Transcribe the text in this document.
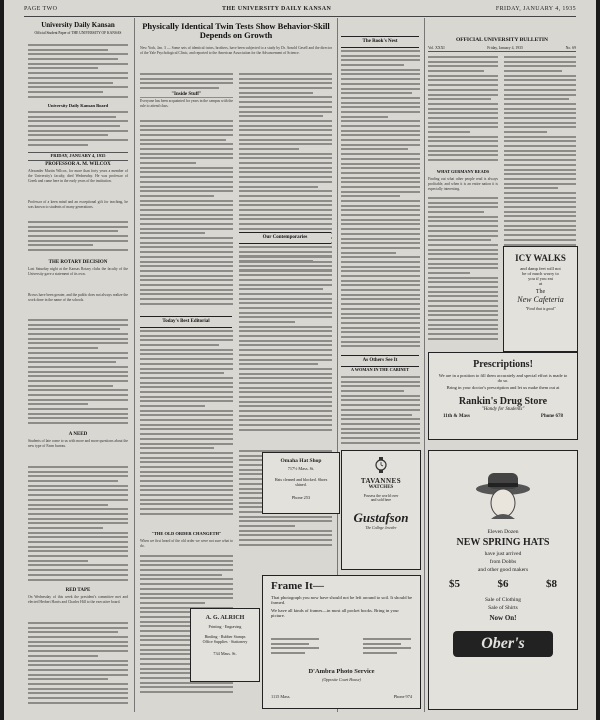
PAGE TWO	THE UNIVERSITY DAILY KANSAN	FRIDAY, JANUARY 4, 1935
University Daily Kansan
Official Student Paper of THE UNIVERSITY OF KANSAS
University Daily Kansan Board
FRIDAY, JANUARY 4, 1935
PROFESSOR A. M. WILCOX
Alexander Martin Wilcox, for more than forty years a member of the University's faculty, died Wednesday. He was professor of Greek and came here in the early years of the institution.
Professor of a keen mind and an exceptional gift for teaching, he was known to students of many generations.
THE ROTARY DECISION
Last Saturday night at the Kansas Rotary clubs the faculty of the University gave a statement of its own.
Brows have been greater, and the public does not always realize the work done in the name of the schools.
A NEED
Students of late come to us with more and more questions about the new type of Farm bureau.
RED TAPE
On Wednesday of this week the president's committee met and elected Herbert Harris and Charles Hill to the executive board.
Physically Identical Twin Tests Show Behavior-Skill Depends on Growth
New York, Jan. 3 — Some sets of identical twins, brothers, have been subjected to a study by Dr. Arnold Gesell and the director of the Yale Psychological Clinic, and reported to the American Association for the Advancement of Science.
"Inside Stuff"
Everyone has been acquainted for years in the campus with the rule to attend class.
Our Contemporaries
Today's Best Editorial
"THE OLD ORDER CHANGETH"
When we first heard of the old order we were not sure what to do.
The Rook's Nest
As Others See It
A WOMAN IN THE CABINET
OFFICIAL UNIVERSITY BULLETIN
Vol. XXXI	Friday, January 4, 1935	No. 69
WHAT GERMANY READS
Finding out what other people read is always profitable, and when it is an entire nation it is especially interesting.
ICY WALKS
and damp feet will not
be of much worry to
you if you eat
at
The
New Cafeteria
"Food that is good"
Prescriptions!
We are in a position to fill them accurately and special effort is made to do so.
Bring in your doctor's prescription and let us make them out at
Rankin's Drug Store
"Handy for Students"
11th & Mass	Phone 678
Omaha Hat Shop
717½ Mass. St.
Hats cleaned and blocked. Shoes shined.
Phone 253
TAVANNES
WATCHES
Possess the world over
and sold here
Gustafson
The College Jeweler
Frame It—
That photograph you now have should not be left around to soil. It should be framed.
We have all kinds of frames—in most all pocket books. Bring in your picture.
D'Ambra Photo Service
(Opposite Court House)
1115 Mass.	Phone 974
A. G. ALRICH
Printing · Engraving
Binding · Rubber Stamps
Office Supplies · Stationery
734 Mass. St.
Eleven Dozen
NEW SPRING HATS
have just arrived
from Dobbs
and other good makers
$5	$6	$8
Sale of Clothing
Sale of Shirts
Now On!
Ober's
